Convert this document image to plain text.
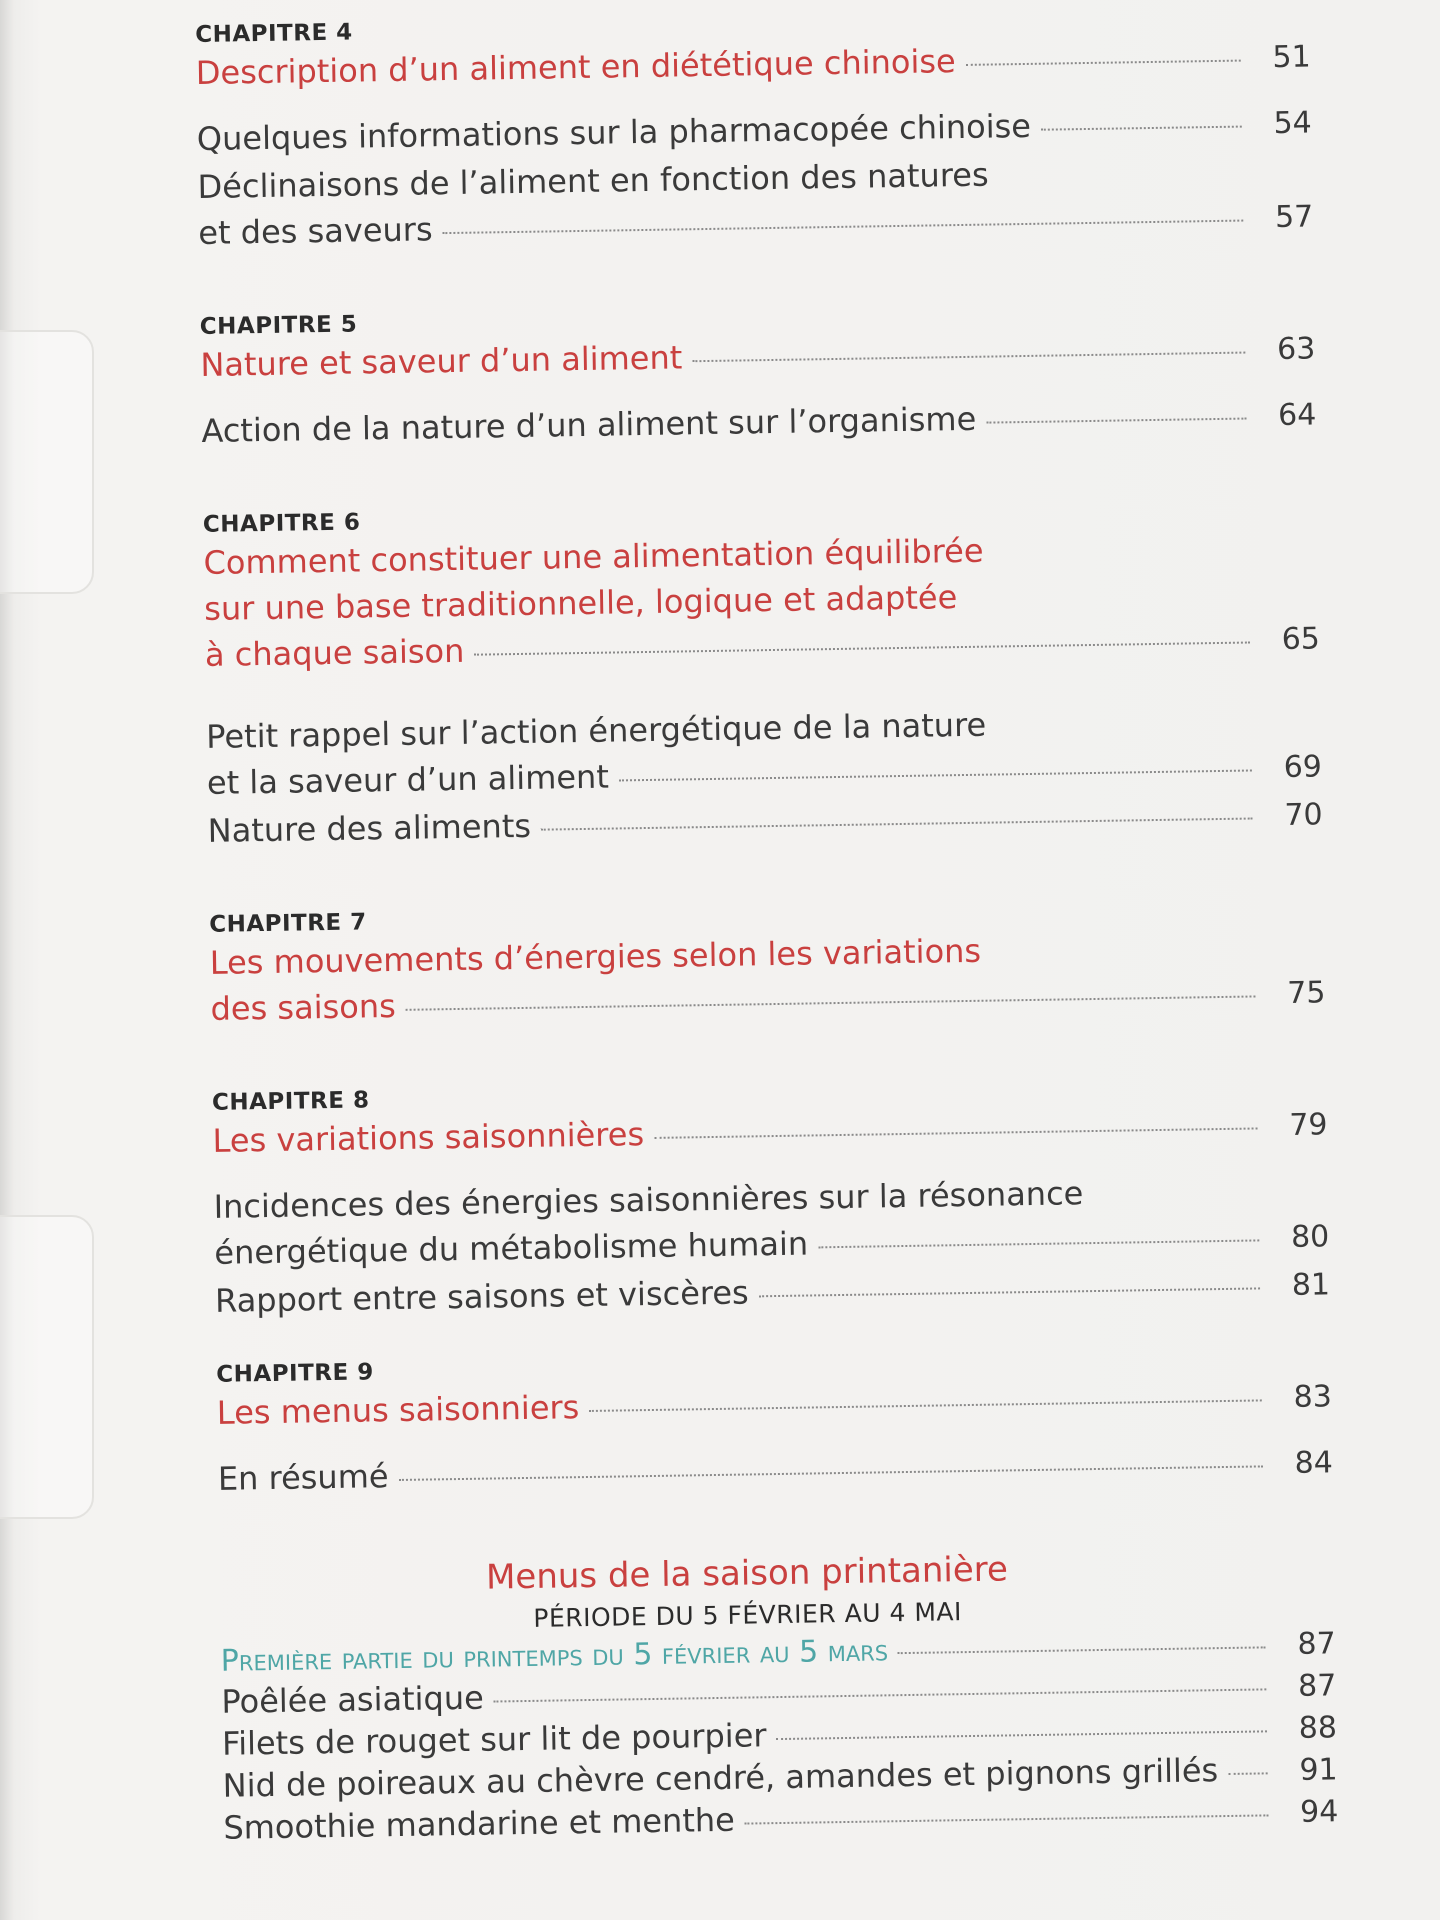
CHAPITRE 4
Description d’un aliment en diététique chinoise	51
Quelques informations sur la pharmacopée chinoise	54
Déclinaisons de l’aliment en fonction des natures
et des saveurs	57
CHAPITRE 5
Nature et saveur d’un aliment	63
Action de la nature d’un aliment sur l’organisme	64
CHAPITRE 6
Comment constituer une alimentation équilibrée
sur une base traditionnelle, logique et adaptée
à chaque saison	65
Petit rappel sur l’action énergétique de la nature
et la saveur d’un aliment	69
Nature des aliments	70
CHAPITRE 7
Les mouvements d’énergies selon les variations
des saisons	75
CHAPITRE 8
Les variations saisonnières	79
Incidences des énergies saisonnières sur la résonance
énergétique du métabolisme humain	80
Rapport entre saisons et viscères	81
CHAPITRE 9
Les menus saisonniers	83
En résumé	84
Menus de la saison printanière
PÉRIODE DU 5 FÉVRIER AU 4 MAI
Première partie du printemps du 5 février au 5 mars	87
Poêlée asiatique	87
Filets de rouget sur lit de pourpier	88
Nid de poireaux au chèvre cendré, amandes et pignons grillés	91
Smoothie mandarine et menthe	94
